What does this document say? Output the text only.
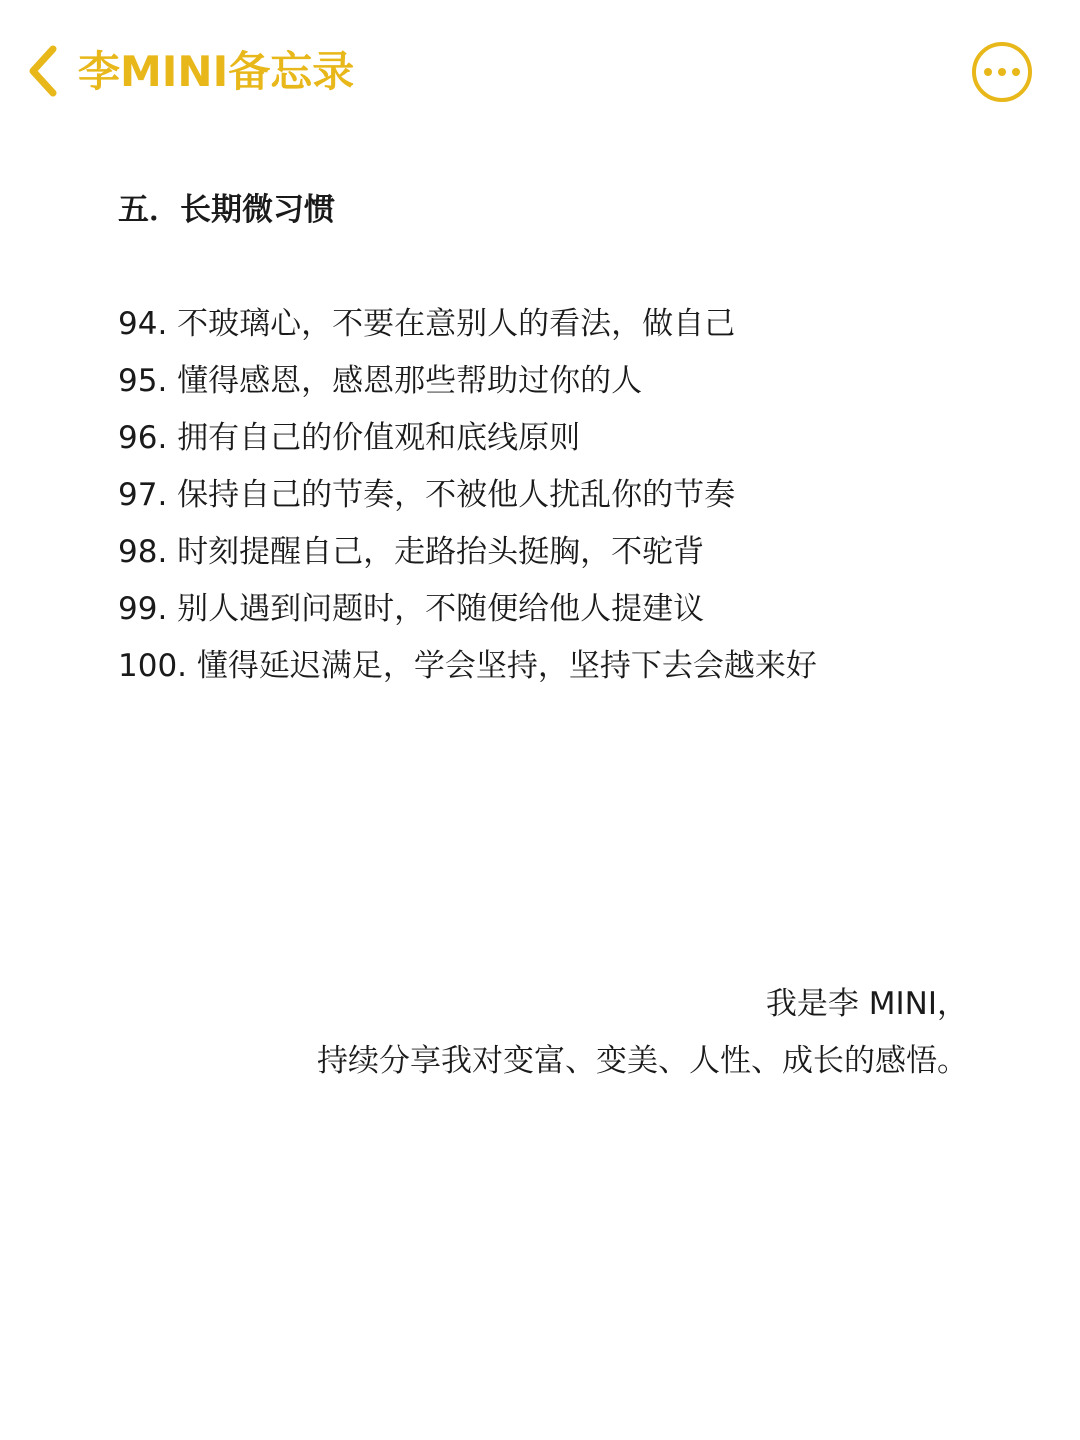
李MINI备忘录
五．长期微习惯
94. 不玻璃心，不要在意别人的看法，做自己
95. 懂得感恩，感恩那些帮助过你的人
96. 拥有自己的价值观和底线原则
97. 保持自己的节奏，不被他人扰乱你的节奏
98. 时刻提醒自己，走路抬头挺胸，不驼背
99. 别人遇到问题时，不随便给他人提建议
100. 懂得延迟满足，学会坚持，坚持下去会越来好
我是李 MINI，
持续分享我对变富、变美、人性、成长的感悟。
